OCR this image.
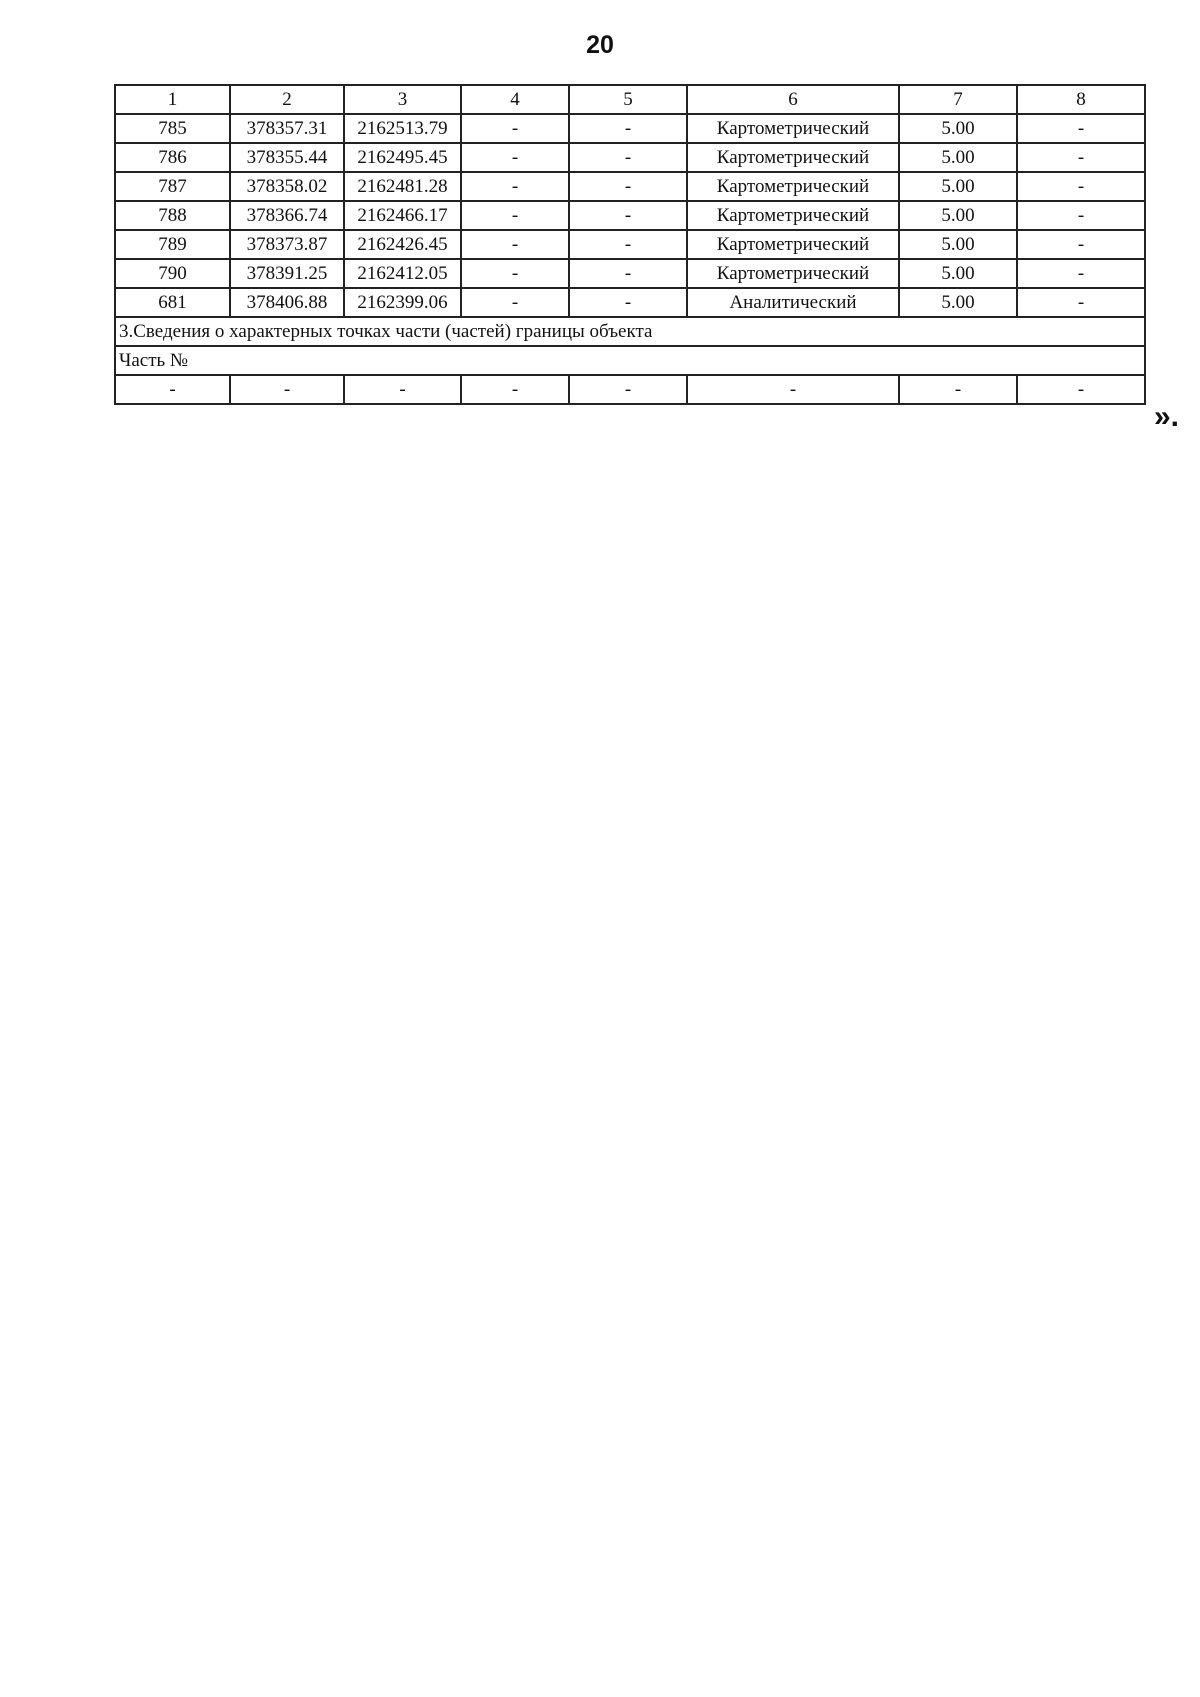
20
1	2	3	4	5	6	7	8
785	378357.31	2162513.79	-	-	Картометрический	5.00	-
786	378355.44	2162495.45	-	-	Картометрический	5.00	-
787	378358.02	2162481.28	-	-	Картометрический	5.00	-
788	378366.74	2162466.17	-	-	Картометрический	5.00	-
789	378373.87	2162426.45	-	-	Картометрический	5.00	-
790	378391.25	2162412.05	-	-	Картометрический	5.00	-
681	378406.88	2162399.06	-	-	Аналитический	5.00	-
3.Сведения о характерных точках части (частей) границы объекта							
Часть №							
-	-	-	-	-	-	-	-
».
